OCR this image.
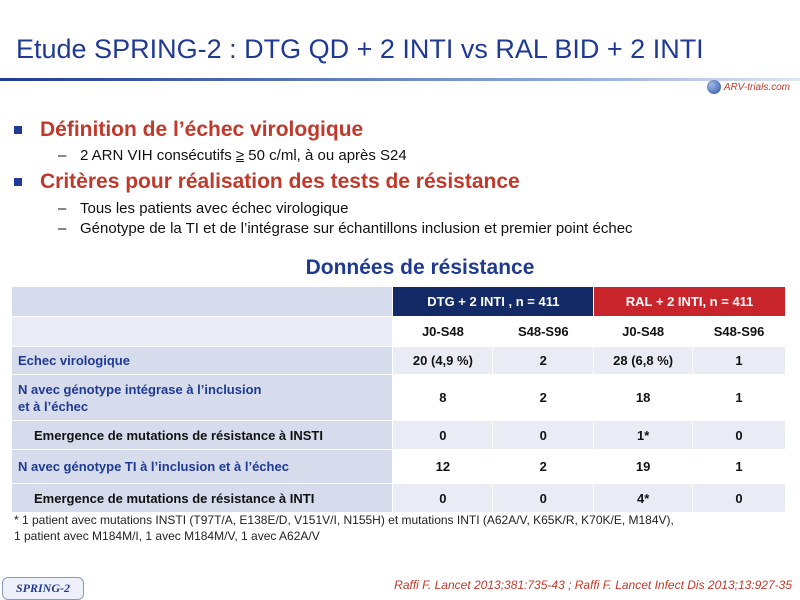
Etude SPRING-2 : DTG QD + 2 INTI vs RAL BID + 2 INTI
ARV-trials.com
Définition de l’échec virologique
– 2 ARN VIH consécutifs ≥ 50 c/ml, à ou après S24
Critères pour réalisation des tests de résistance
– Tous les patients avec échec virologique
– Génotype de la TI et de l’intégrase sur échantillons inclusion et premier point échec
Données de résistance
	DTG + 2 INTI , n = 411		RAL + 2 INTI, n = 411	
	J0-S48	S48-S96	J0-S48	S48-S96
Echec virologique	20 (4,9 %)	2	28 (6,8 %)	1
N avec génotype intégrase à l’inclusion
et à l’échec	8	2	18	1
Emergence de mutations de résistance à INSTI	0	0	1*	0
N avec génotype TI à l’inclusion et à l’échec	12	2	19	1
Emergence de mutations de résistance à INTI	0	0	4*	0
* 1 patient avec mutations INSTI (T97T/A, E138E/D, V151V/I, N155H) et mutations INTI (A62A/V, K65K/R, K70K/E, M184V),
1 patient avec M184M/I, 1 avec M184M/V, 1 avec A62A/V
SPRING-2	Raffi F. Lancet 2013;381:735-43 ; Raffi F. Lancet Infect Dis 2013;13:927-35
